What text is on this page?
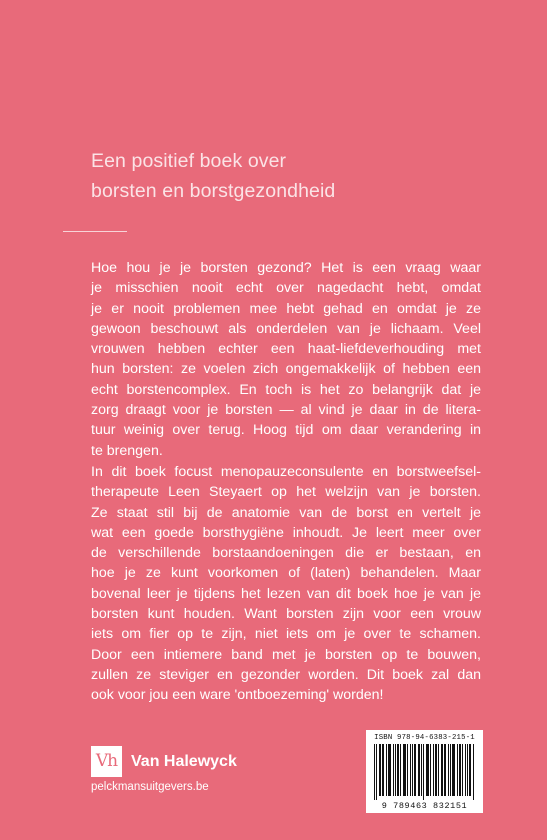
Een positief boek over
borsten en borstgezondheid
Hoe hou je je borsten gezond? Het is een vraag waar
je misschien nooit echt over nagedacht hebt, omdat
je er nooit problemen mee hebt gehad en omdat je ze
gewoon beschouwt als onderdelen van je lichaam. Veel
vrouwen hebben echter een haat-liefdeverhouding met
hun borsten: ze voelen zich ongemakkelijk of hebben een
echt borstencomplex. En toch is het zo belangrijk dat je
zorg draagt voor je borsten — al vind je daar in de litera-
tuur weinig over terug. Hoog tijd om daar verandering in
te brengen.
In dit boek focust menopauzeconsulente en borstweefsel-
therapeute Leen Steyaert op het welzijn van je borsten.
Ze staat stil bij de anatomie van de borst en vertelt je
wat een goede borsthygiëne inhoudt. Je leert meer over
de verschillende borstaandoeningen die er bestaan, en
hoe je ze kunt voorkomen of (laten) behandelen. Maar
bovenal leer je tijdens het lezen van dit boek hoe je van je
borsten kunt houden. Want borsten zijn voor een vrouw
iets om fier op te zijn, niet iets om je over te schamen.
Door een intiemere band met je borsten op te bouwen,
zullen ze steviger en gezonder worden. Dit boek zal dan
ook voor jou een ware 'ontboezeming' worden!
Vh Van Halewyck
pelckmansuitgevers.be
ISBN 978-94-6383-215-1
9 789463 832151
